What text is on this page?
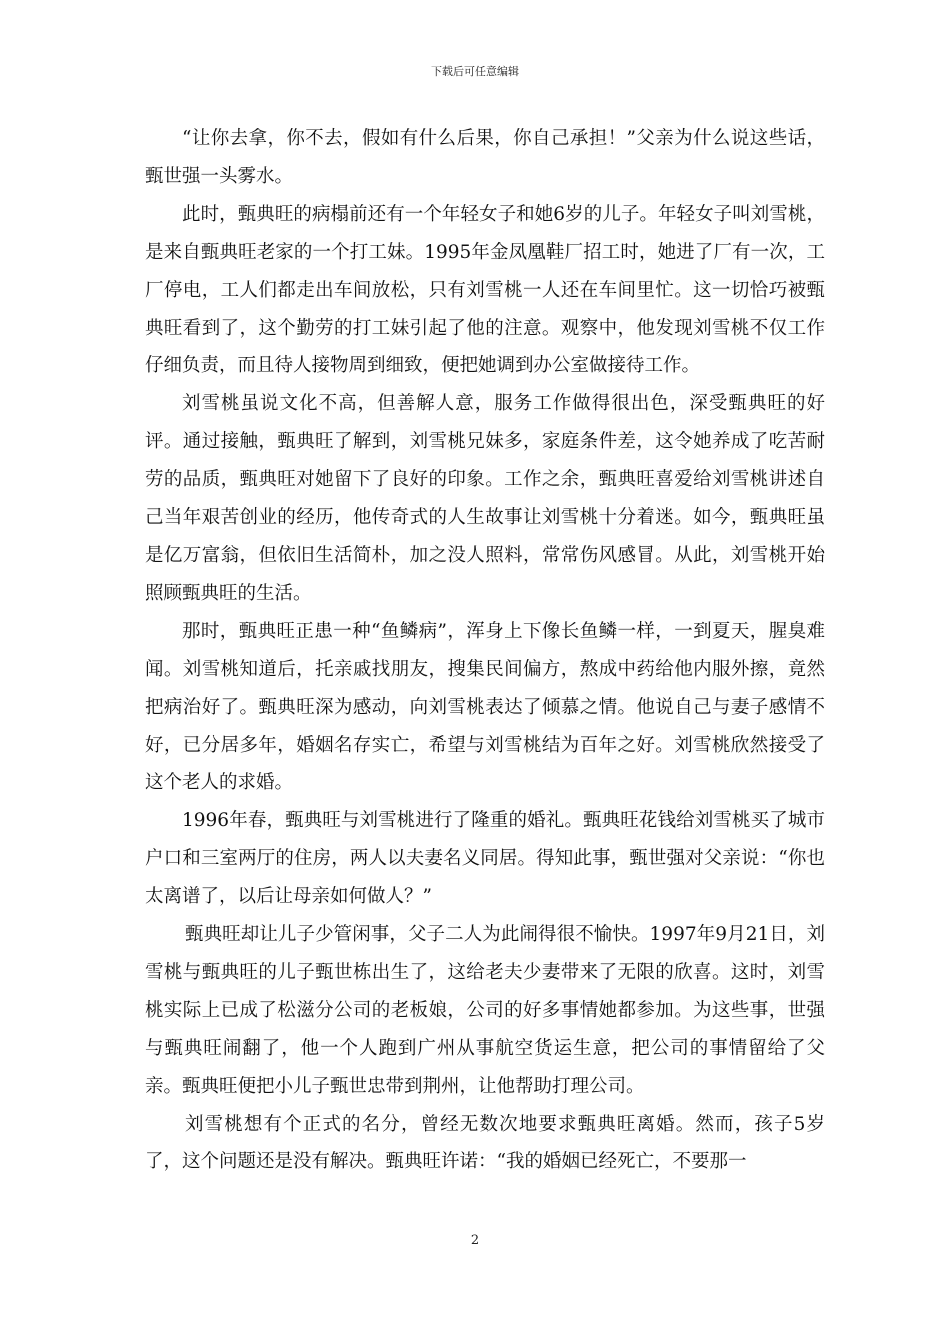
下载后可任意编辑

“让你去拿，你不去，假如有什么后果，你自己承担！”父亲为什么说这些话，甄世强一头雾水。

此时，甄典旺的病榻前还有一个年轻女子和她6岁的儿子。年轻女子叫刘雪桃，是来自甄典旺老家的一个打工妹。1995年金凤凰鞋厂招工时，她进了厂有一次，工厂停电，工人们都走出车间放松，只有刘雪桃一人还在车间里忙。这一切恰巧被甄典旺看到了，这个勤劳的打工妹引起了他的注意。观察中，他发现刘雪桃不仅工作仔细负责，而且待人接物周到细致，便把她调到办公室做接待工作。

刘雪桃虽说文化不高，但善解人意，服务工作做得很出色，深受甄典旺的好评。通过接触，甄典旺了解到，刘雪桃兄妹多，家庭条件差，这令她养成了吃苦耐劳的品质，甄典旺对她留下了良好的印象。工作之余，甄典旺喜爱给刘雪桃讲述自己当年艰苦创业的经历，他传奇式的人生故事让刘雪桃十分着迷。如今，甄典旺虽是亿万富翁，但依旧生活简朴，加之没人照料，常常伤风感冒。从此，刘雪桃开始照顾甄典旺的生活。

那时，甄典旺正患一种“鱼鳞病”，浑身上下像长鱼鳞一样，一到夏天，腥臭难闻。刘雪桃知道后，托亲戚找朋友，搜集民间偏方，熬成中药给他内服外擦，竟然把病治好了。甄典旺深为感动，向刘雪桃表达了倾慕之情。他说自己与妻子感情不好，已分居多年，婚姻名存实亡，希望与刘雪桃结为百年之好。刘雪桃欣然接受了这个老人的求婚。

1996年春，甄典旺与刘雪桃进行了隆重的婚礼。甄典旺花钱给刘雪桃买了城市户口和三室两厅的住房，两人以夫妻名义同居。得知此事，甄世强对父亲说：“你也太离谱了，以后让母亲如何做人？”

甄典旺却让儿子少管闲事，父子二人为此闹得很不愉快。1997年9月21日，刘雪桃与甄典旺的儿子甄世栋出生了，这给老夫少妻带来了无限的欣喜。这时，刘雪桃实际上已成了松滋分公司的老板娘，公司的好多事情她都参加。为这些事，世强与甄典旺闹翻了，他一个人跑到广州从事航空货运生意，把公司的事情留给了父亲。甄典旺便把小儿子甄世忠带到荆州，让他帮助打理公司。

刘雪桃想有个正式的名分，曾经无数次地要求甄典旺离婚。然而，孩子5岁了，这个问题还是没有解决。甄典旺许诺：“我的婚姻已经死亡，不要那一

2
